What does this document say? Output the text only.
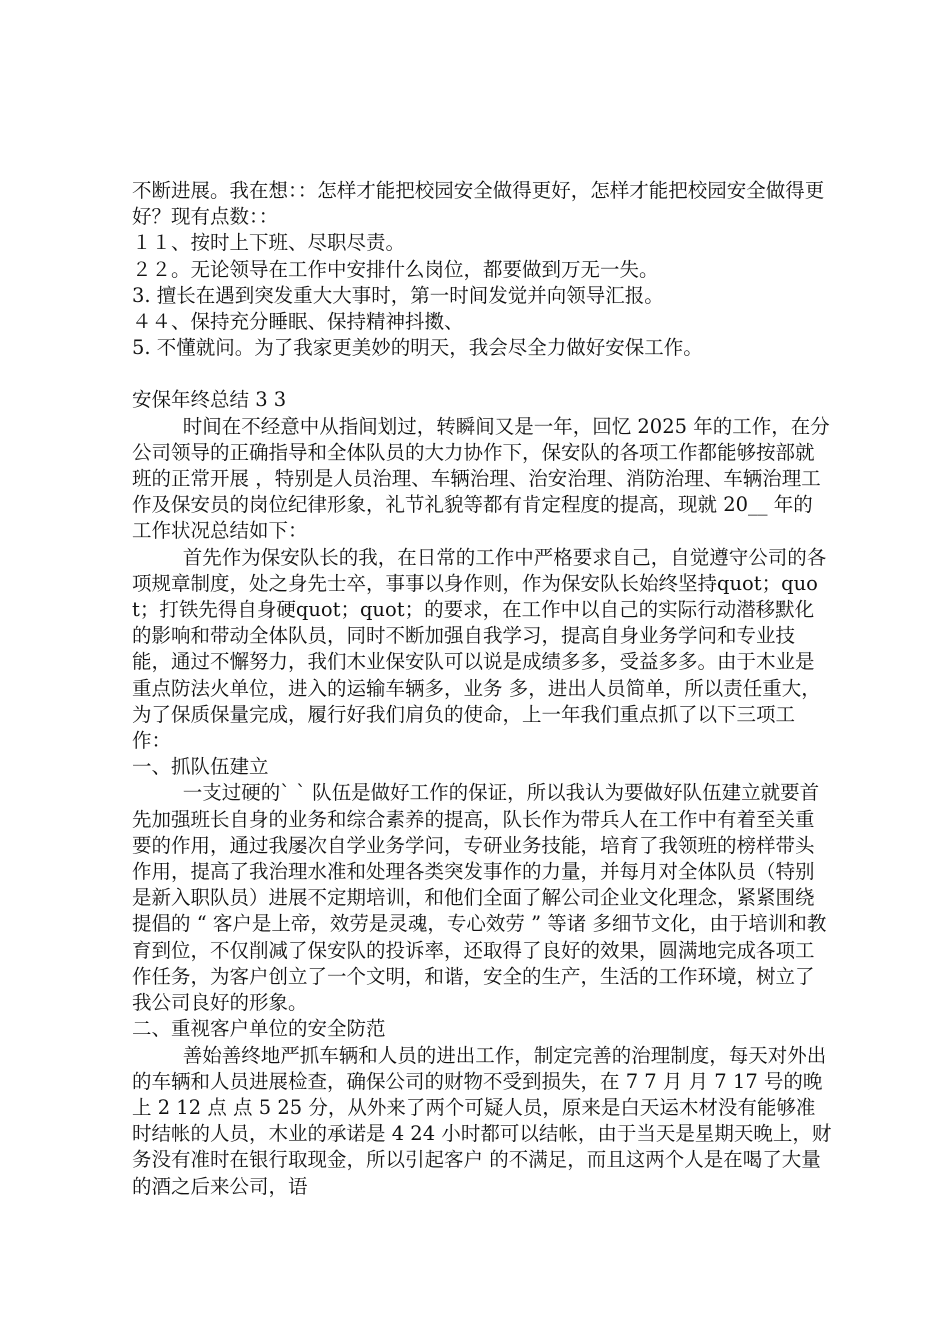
不断进展。我在想：：怎样才能把校园安全做得更好，怎样才能把校园安全做得更好？现有点数：：

１１、按时上下班、尽职尽责。

２２。无论领导在工作中安排什么岗位，都要做到万无一失。

3. 擅长在遇到突发重大大事时，第一时间发觉并向领导汇报。

４４、保持充分睡眠、保持精神抖擞、

5. 不懂就问。为了我家更美妙的明天，我会尽全力做好安保工作。

安保年终总结 3 3

时间在不经意中从指间划过，转瞬间又是一年，回忆 2025 年的工作，在分公司领导的正确指导和全体队员的大力协作下，保安队的各项工作都能够按部就班的正常开展 ，特别是人员治理、车辆治理、治安治理、消防治理、车辆治理工作及保安员的岗位纪律形象，礼节礼貌等都有肯定程度的提高，现就 20__ 年的工作状况总结如下：

首先作为保安队长的我，在日常的工作中严格要求自己，自觉遵守公司的各项规章制度，处之身先士卒，事事以身作则，作为保安队长始终坚持quot；quot；打铁先得自身硬quot；quot；的要求，在工作中以自己的实际行动潜移默化的影响和带动全体队员，同时不断加强自我学习，提高自身业务学问和专业技能，通过不懈努力，我们木业保安队可以说是成绩多多，受益多多。由于木业是重点防法火单位，进入的运输车辆多，业务 多，进出人员简单，所以责任重大，为了保质保量完成，履行好我们肩负的使命，上一年我们重点抓了以下三项工作：

一、抓队伍建立

一支过硬的` ` 队伍是做好工作的保证，所以我认为要做好队伍建立就要首先加强班长自身的业务和综合素养的提高，队长作为带兵人在工作中有着至关重要的作用，通过我屡次自学业务学问，专研业务技能，培育了我领班的榜样带头作用，提高了我治理水准和处理各类突发事作的力量，并每月对全体队员（特别是新入职队员）进展不定期培训，和他们全面了解公司企业文化理念，紧紧围绕提倡的 “ 客户是上帝，效劳是灵魂，专心效劳 ” 等诸 多细节文化，由于培训和教育到位，不仅削减了保安队的投诉率，还取得了良好的效果，圆满地完成各项工作任务，为客户创立了一个文明，和谐，安全的生产，生活的工作环境，树立了我公司良好的形象。

二、重视客户单位的安全防范

善始善终地严抓车辆和人员的进出工作，制定完善的治理制度，每天对外出的车辆和人员进展检查，确保公司的财物不受到损失，在 7 7 月 月 7 17 号的晚上 2 12 点 点 5 25 分，从外来了两个可疑人员，原来是白天运木材没有能够准时结帐的人员，木业的承诺是 4 24 小时都可以结帐，由于当天是星期天晚上，财务没有准时在银行取现金，所以引起客户 的不满足，而且这两个人是在喝了大量的酒之后来公司，语
